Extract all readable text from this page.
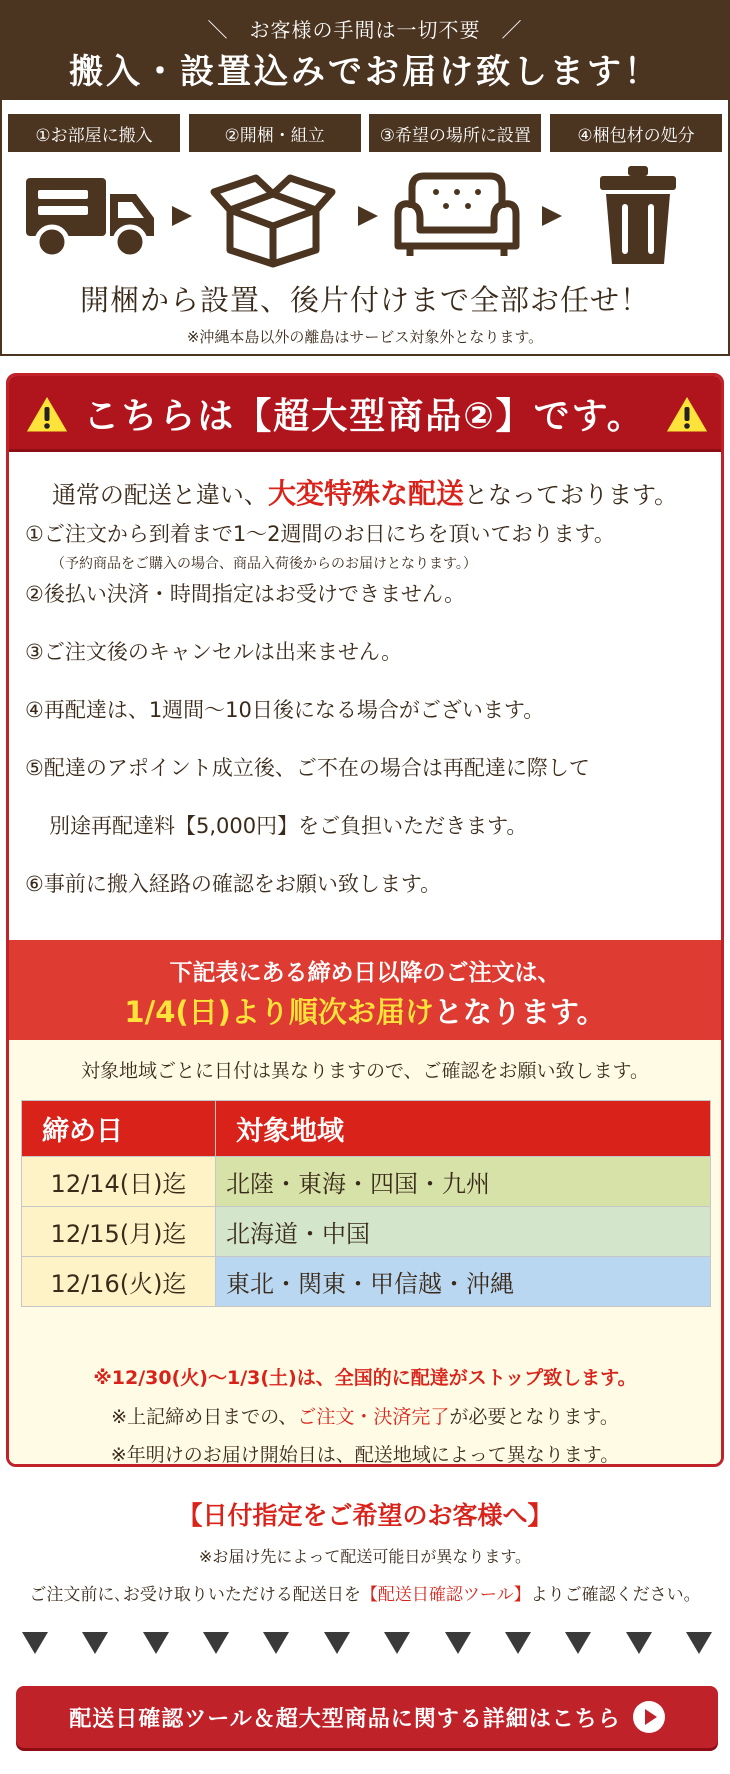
＼　お客様の手間は一切不要　／
搬入・設置込みでお届け致します！
①お部屋に搬入	②開梱・組立	③希望の場所に設置	④梱包材の処分
開梱から設置、後片付けまで全部お任せ！
※沖縄本島以外の離島はサービス対象外となります。
こちらは【超大型商品②】です。
通常の配送と違い、大変特殊な配送となっております。
①ご注文から到着まで1～2週間のお日にちを頂いております。
（予約商品をご購入の場合、商品入荷後からのお届けとなります。）
②後払い決済・時間指定はお受けできません。
③ご注文後のキャンセルは出来ません。
④再配達は、1週間～10日後になる場合がございます。
⑤配達のアポイント成立後、ご不在の場合は再配達に際して
別途再配達料【5,000円】をご負担いただきます。
⑥事前に搬入経路の確認をお願い致します。
下記表にある締め日以降のご注文は、
1/4(日)より順次お届けとなります。
対象地域ごとに日付は異なりますので、ご確認をお願い致します。
締め日	対象地域
12/14(日)迄	北陸・東海・四国・九州
12/15(月)迄	北海道・中国
12/16(火)迄	東北・関東・甲信越・沖縄
※12/30(火)～1/3(土)は、全国的に配達がストップ致します。
※上記締め日までの、ご注文・決済完了が必要となります。
※年明けのお届け開始日は、配送地域によって異なります。
【日付指定をご希望のお客様へ】
※お届け先によって配送可能日が異なります。
ご注文前に､お受け取りいただける配送日を【配送日確認ツール】よりご確認ください。
配送日確認ツール＆超大型商品に関する詳細はこちら
